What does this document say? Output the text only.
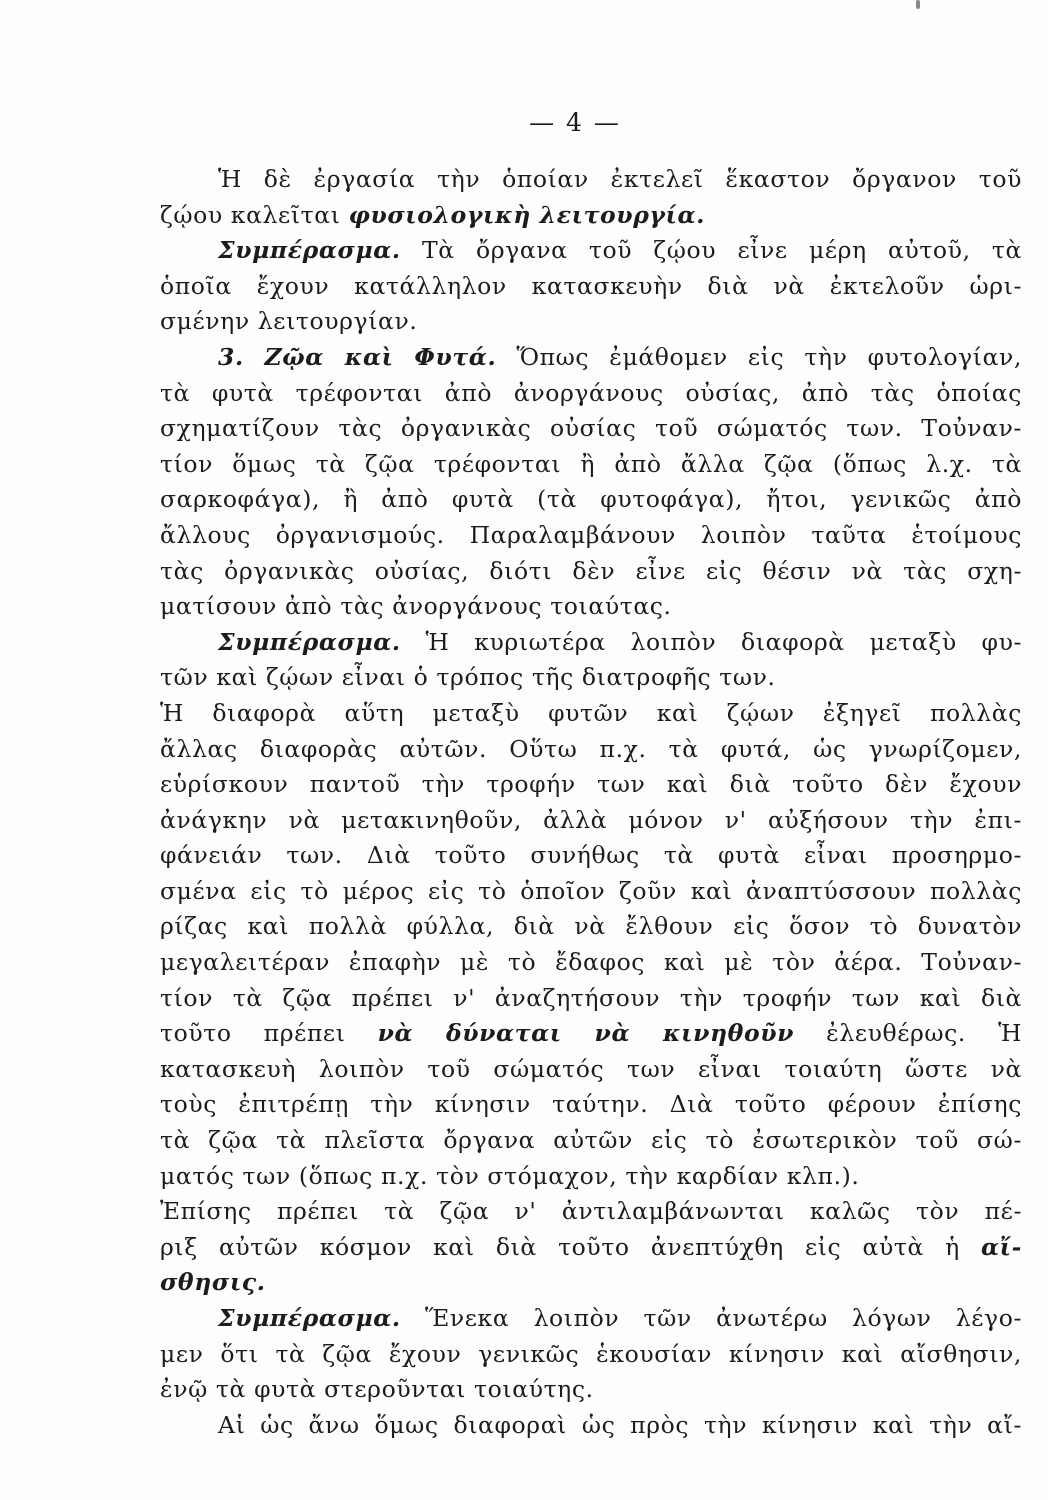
— 4 —
Ἡ δὲ ἐργασία τὴν ὁποίαν ἐκτελεῖ ἕκαστον ὄργανον τοῦ
ζῴου καλεῖται φυσιολογικὴ λειτουργία.
Συμπέρασμα. Τὰ ὄργανα τοῦ ζῴου εἶνε μέρη αὐτοῦ, τὰ
ὁποῖα ἔχουν κατάλληλον κατασκευὴν διὰ νὰ ἐκτελοῦν ὡρι-
σμένην λειτουργίαν.
3. Ζῷα καὶ Φυτά. Ὅπως ἐμάθομεν εἰς τὴν φυτολογίαν,
τὰ φυτὰ τρέφονται ἀπὸ ἀνοργάνους οὐσίας, ἀπὸ τὰς ὁποίας
σχηματίζουν τὰς ὀργανικὰς οὐσίας τοῦ σώματός των. Τοὐναν-
τίον ὅμως τὰ ζῷα τρέφονται ἢ ἀπὸ ἄλλα ζῷα (ὅπως λ.χ. τὰ
σαρκοφάγα), ἢ ἀπὸ φυτὰ (τὰ φυτοφάγα), ἤτοι, γενικῶς ἀπὸ
ἄλλους ὀργανισμούς. Παραλαμβάνουν λοιπὸν ταῦτα ἑτοίμους
τὰς ὀργανικὰς οὐσίας, διότι δὲν εἶνε εἰς θέσιν νὰ τὰς σχη-
ματίσουν ἀπὸ τὰς ἀνοργάνους τοιαύτας.
Συμπέρασμα. Ἡ κυριωτέρα λοιπὸν διαφορὰ μεταξὺ φυ-
τῶν καὶ ζῴων εἶναι ὁ τρόπος τῆς διατροφῆς των.
Ἡ διαφορὰ αὕτη μεταξὺ φυτῶν καὶ ζῴων ἐξηγεῖ πολλὰς
ἄλλας διαφορὰς αὐτῶν. Οὕτω π.χ. τὰ φυτά, ὡς γνωρίζομεν,
εὑρίσκουν παντοῦ τὴν τροφήν των καὶ διὰ τοῦτο δὲν ἔχουν
ἀνάγκην νὰ μετακινηθοῦν, ἀλλὰ μόνον ν' αὐξήσουν τὴν ἐπι-
φάνειάν των. Διὰ τοῦτο συνήθως τὰ φυτὰ εἶναι προσηρμο-
σμένα εἰς τὸ μέρος εἰς τὸ ὁποῖον ζοῦν καὶ ἀναπτύσσουν πολλὰς
ρίζας καὶ πολλὰ φύλλα, διὰ νὰ ἔλθουν εἰς ὅσον τὸ δυνατὸν
μεγαλειτέραν ἐπαφὴν μὲ τὸ ἔδαφος καὶ μὲ τὸν ἀέρα. Τοὐναν-
τίον τὰ ζῷα πρέπει ν' ἀναζητήσουν τὴν τροφήν των καὶ διὰ
τοῦτο πρέπει νὰ δύναται νὰ κινηθοῦν ἐλευθέρως. Ἡ
κατασκευὴ λοιπὸν τοῦ σώματός των εἶναι τοιαύτη ὥστε νὰ
τοὺς ἐπιτρέπῃ τὴν κίνησιν ταύτην. Διὰ τοῦτο φέρουν ἐπίσης
τὰ ζῷα τὰ πλεῖστα ὄργανα αὐτῶν εἰς τὸ ἐσωτερικὸν τοῦ σώ-
ματός των (ὅπως π.χ. τὸν στόμαχον, τὴν καρδίαν κλπ.).
Ἐπίσης πρέπει τὰ ζῷα ν' ἀντιλαμβάνωνται καλῶς τὸν πέ-
ριξ αὐτῶν κόσμον καὶ διὰ τοῦτο ἀνεπτύχθη εἰς αὐτὰ ἡ αἴ-
σθησις.
Συμπέρασμα. Ἕνεκα λοιπὸν τῶν ἀνωτέρω λόγων λέγο-
μεν ὅτι τὰ ζῷα ἔχουν γενικῶς ἑκουσίαν κίνησιν καὶ αἴσθησιν,
ἐνῷ τὰ φυτὰ στεροῦνται τοιαύτης.
Αἱ ὡς ἄνω ὅμως διαφοραὶ ὡς πρὸς τὴν κίνησιν καὶ τὴν αἴ-
